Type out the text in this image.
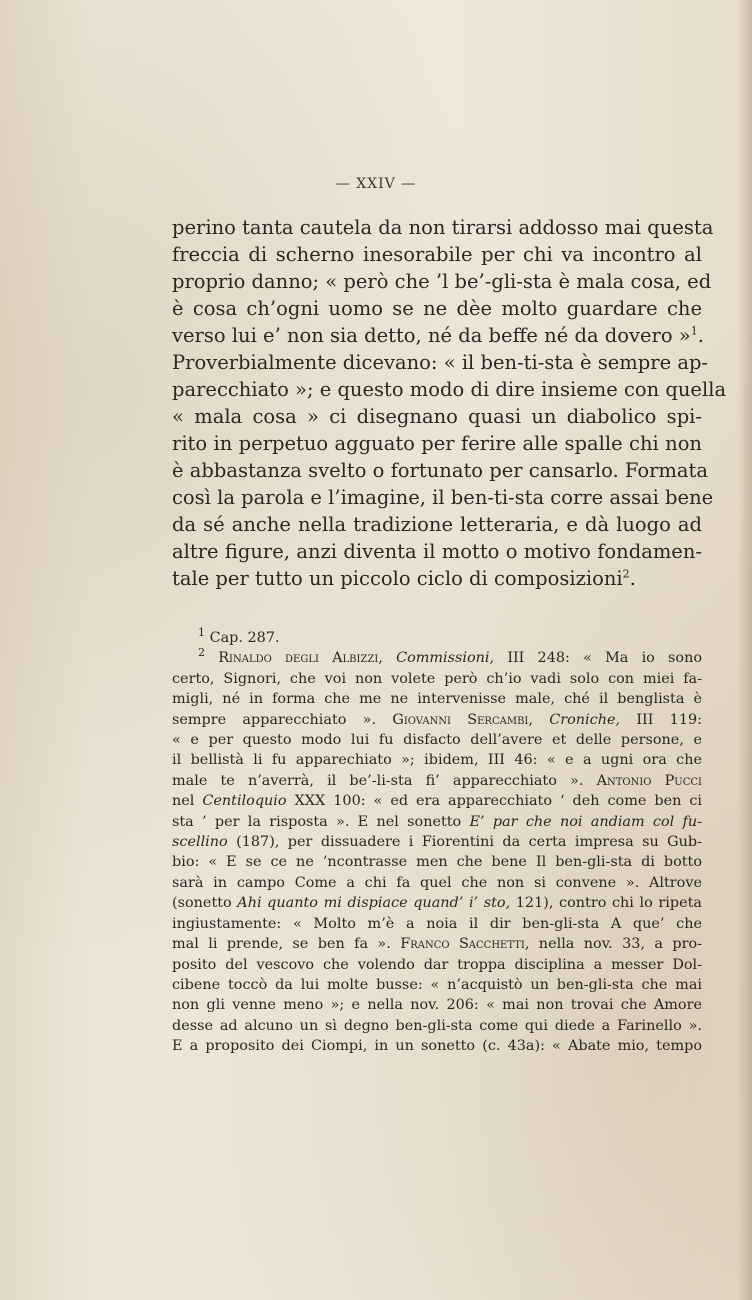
— XXIV —
perino tanta cautela da non tirarsi addosso mai questa
freccia di scherno inesorabile per chi va incontro al
proprio danno; « però che ’l be’-gli-sta è mala cosa, ed
è cosa ch’ogni uomo se ne dèe molto guardare che
verso lui e’ non sia detto, né da beffe né da dovero »$^1$.
Proverbialmente dicevano: « il ben-ti-sta è sempre ap-
parecchiato »; e questo modo di dire insieme con quella
« mala cosa » ci disegnano quasi un diabolico spi-
rito in perpetuo agguato per ferire alle spalle chi non
è abbastanza svelto o fortunato per cansarlo. Formata
così la parola e l’imagine, il ben-ti-sta corre assai bene
da sé anche nella tradizione letteraria, e dà luogo ad
altre figure, anzi diventa il motto o motivo fondamen-
tale per tutto un piccolo ciclo di composizioni$^2$.
$^1$ Cap. 287.
$^2$ Rinaldo degli Albizzi, Commissioni, III 248: « Ma io sono
certo, Signori, che voi non volete però ch’io vadi solo con miei fa-
migli, né in forma che me ne intervenisse male, ché il benglista è
sempre apparecchiato ». Giovanni Sercambi, Croniche, III 119:
« e per questo modo lui fu disfacto dell’avere et delle persone, e
il bellistà li fu apparechiato »; ibidem, III 46: « e a ugni ora che
male te n’averrà, il be’-li-sta fi’ apparecchiato ». Antonio Pucci
nel Centiloquio XXX 100: « ed era apparecchiato ‘ deh come ben ci
sta ’ per la risposta ». E nel sonetto E’ par che noi andiam col fu-
scellino (187), per dissuadere i Fiorentini da certa impresa su Gub-
bio: « E se ce ne ’ncontrasse men che bene Il ben-gli-sta di botto
sarà in campo Come a chi fa quel che non si convene ». Altrove
(sonetto Ahi quanto mi dispiace quand’ i’ sto, 121), contro chi lo ripeta
ingiustamente: « Molto m’è a noia il dir ben-gli-sta A que’ che
mal li prende, se ben fa ». Franco Sacchetti, nella nov. 33, a pro-
posito del vescovo che volendo dar troppa disciplina a messer Dol-
cibene toccò da lui molte busse: « n’acquistò un ben-gli-sta che mai
non gli venne meno »; e nella nov. 206: « mai non trovai che Amore
desse ad alcuno un sì degno ben-gli-sta come qui diede a Farinello ».
E a proposito dei Ciompi, in un sonetto (c. 43a): « Abate mio, tempo
